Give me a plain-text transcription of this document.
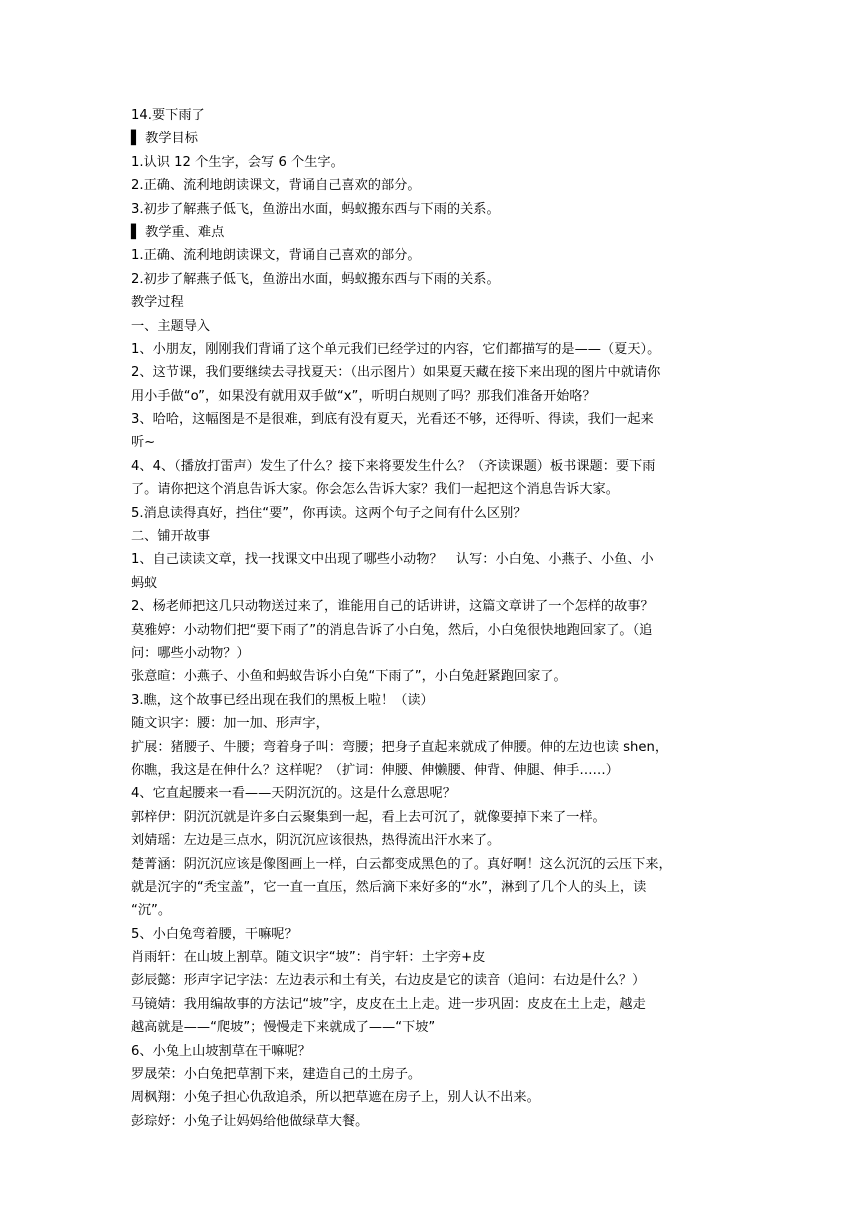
14.要下雨了
▌ 教学目标
1.认识 12 个生字，会写 6 个生字。
2.正确、流利地朗读课文，背诵自己喜欢的部分。
3.初步了解燕子低飞，鱼游出水面，蚂蚁搬东西与下雨的关系。
▌ 教学重、难点
1.正确、流利地朗读课文，背诵自己喜欢的部分。
2.初步了解燕子低飞，鱼游出水面，蚂蚁搬东西与下雨的关系。
教学过程
一、主题导入
1、小朋友，刚刚我们背诵了这个单元我们已经学过的内容，它们都描写的是——（夏天）。
2、这节课，我们要继续去寻找夏天：（出示图片）如果夏天藏在接下来出现的图片中就请你
用小手做“o”，如果没有就用双手做“x”，听明白规则了吗？那我们准备开始咯？
3、哈哈，这幅图是不是很难，到底有没有夏天，光看还不够，还得听、得读，我们一起来
听~
4、4、（播放打雷声）发生了什么？接下来将要发生什么？（齐读课题）板书课题：要下雨
了。请你把这个消息告诉大家。你会怎么告诉大家？我们一起把这个消息告诉大家。
5.消息读得真好，挡住“要”，你再读。这两个句子之间有什么区别？
二、铺开故事
1、自己读读文章，找一找课文中出现了哪些小动物？　认写：小白兔、小燕子、小鱼、小
蚂蚁
2、杨老师把这几只动物送过来了，谁能用自己的话讲讲，这篇文章讲了一个怎样的故事？
莫雅婷：小动物们把“要下雨了”的消息告诉了小白兔，然后，小白兔很快地跑回家了。（追
问：哪些小动物？）
张意暄：小燕子、小鱼和蚂蚁告诉小白兔“下雨了”，小白兔赶紧跑回家了。
3.瞧，这个故事已经出现在我们的黑板上啦！（读）
随文识字：腰：加一加、形声字，
扩展：猪腰子、牛腰；弯着身子叫：弯腰；把身子直起来就成了伸腰。伸的左边也读 shen，
你瞧，我这是在伸什么？这样呢？（扩词：伸腰、伸懒腰、伸背、伸腿、伸手……）
4、它直起腰来一看——天阴沉沉的。这是什么意思呢？
郭梓伊：阴沉沉就是许多白云聚集到一起，看上去可沉了，就像要掉下来了一样。
刘婧瑶：左边是三点水，阴沉沉应该很热，热得流出汗水来了。
楚菁涵：阴沉沉应该是像图画上一样，白云都变成黑色的了。真好啊！这么沉沉的云压下来，
就是沉字的“秃宝盖”，它一直一直压，然后滴下来好多的“水”，淋到了几个人的头上，读
“沉”。
5、小白兔弯着腰，干嘛呢？
肖雨轩：在山坡上割草。随文识字“坡”：肖宇轩：土字旁+皮
彭辰懿：形声字记字法：左边表示和土有关，右边皮是它的读音（追问：右边是什么？）
马镜婧：我用编故事的方法记“坡”字，皮皮在土上走。进一步巩固：皮皮在土上走，越走
越高就是——“爬坡”；慢慢走下来就成了——“下坡”
6、小兔上山坡割草在干嘛呢？
罗晟荣：小白兔把草割下来，建造自己的土房子。
周枫翔：小兔子担心仇敌追杀，所以把草遮在房子上，别人认不出来。
彭琮妤：小兔子让妈妈给他做绿草大餐。
